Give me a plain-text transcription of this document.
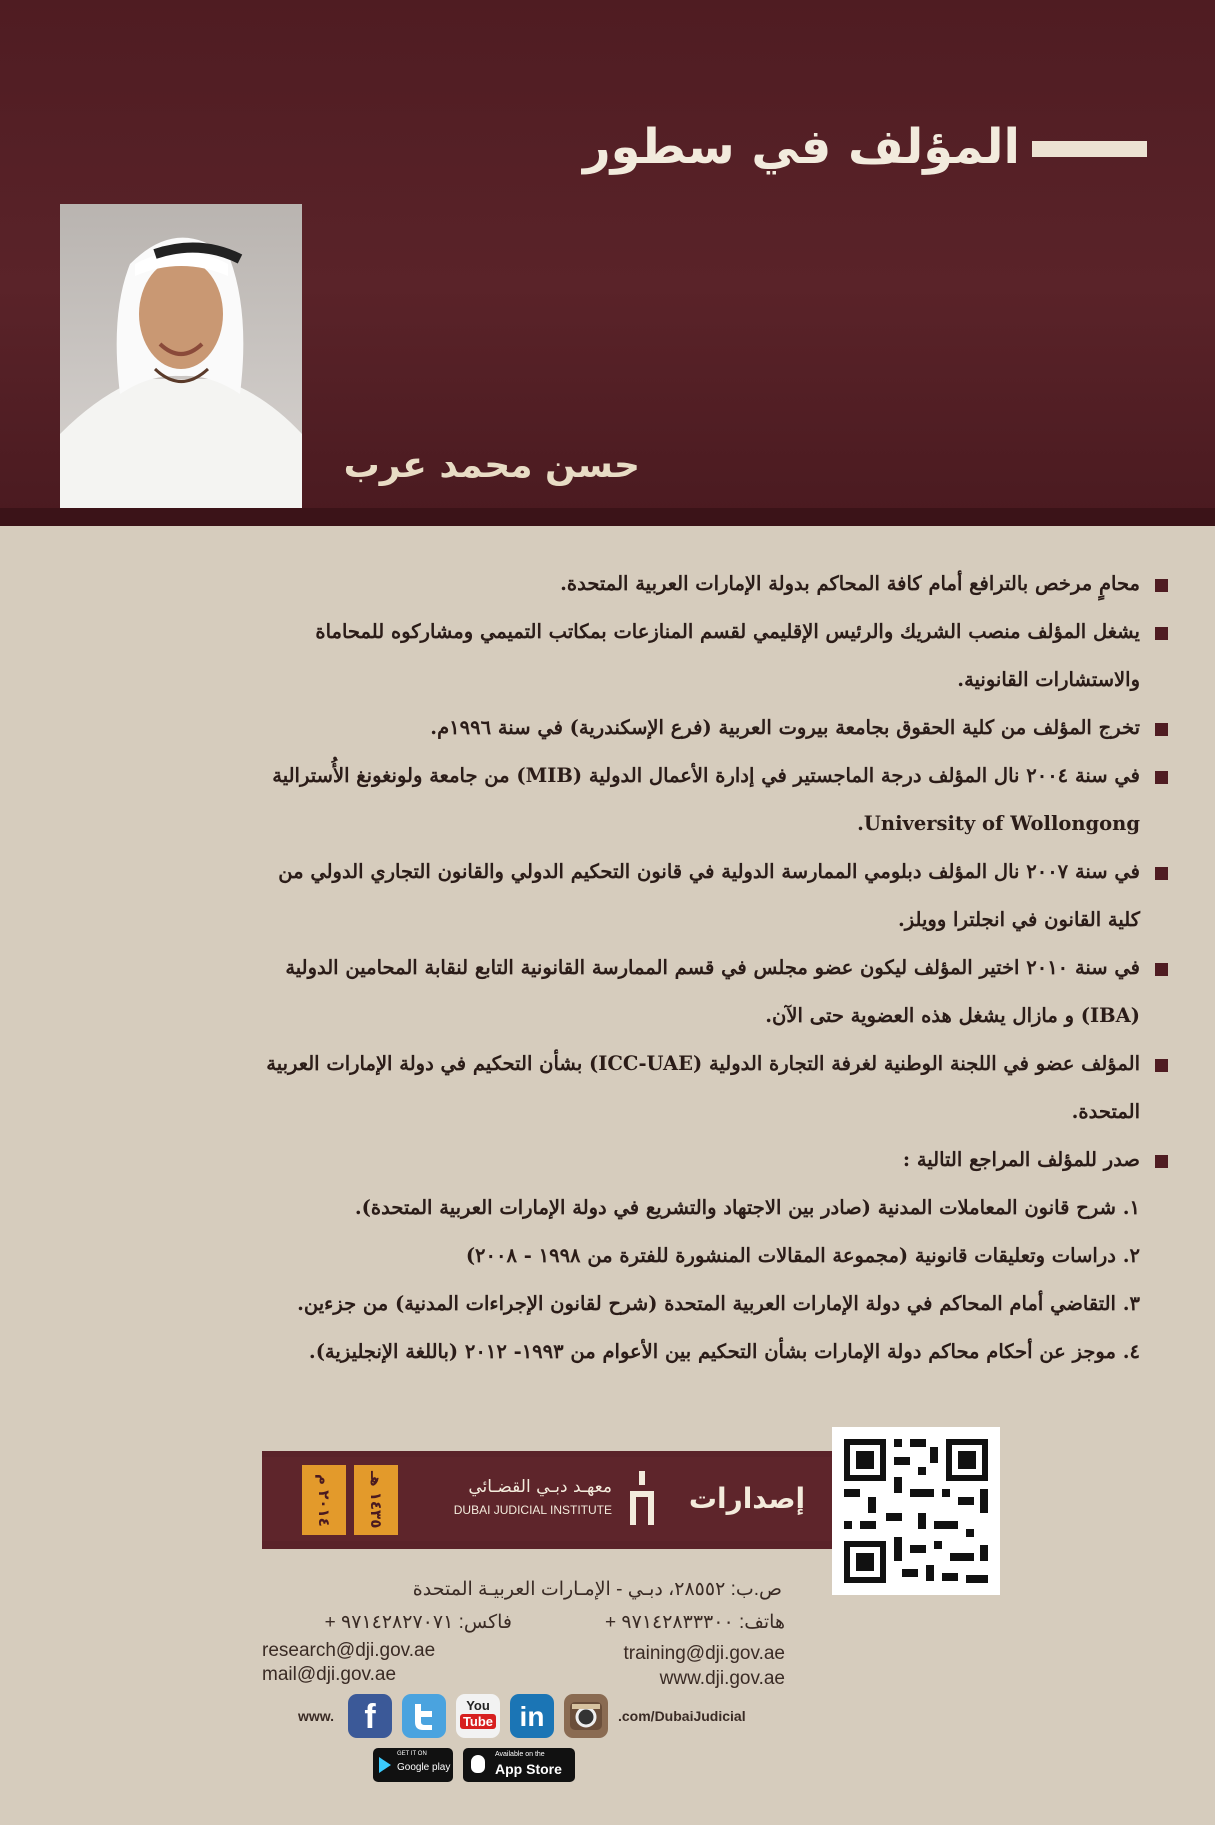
المؤلف في سطور
حسن محمد عرب
محامٍ مرخص بالترافع أمام كافة المحاكم بدولة الإمارات العربية المتحدة.
يشغل المؤلف منصب الشريك والرئيس الإقليمي لقسم المنازعات بمكاتب التميمي ومشاركوه للمحاماة والاستشارات القانونية.
تخرج المؤلف من كلية الحقوق بجامعة بيروت العربية (فرع الإسكندرية) في سنة ١٩٩٦م.
في سنة ٢٠٠٤ نال المؤلف درجة الماجستير في إدارة الأعمال الدولية (MIB) من جامعة ولونغونغ الأُسترالية University of Wollongong.
في سنة ٢٠٠٧ نال المؤلف دبلومي الممارسة الدولية في قانون التحكيم الدولي والقانون التجاري الدولي من كلية القانون في انجلترا وويلز.
في سنة ٢٠١٠ اختير المؤلف ليكون عضو مجلس في قسم الممارسة القانونية التابع لنقابة المحامين الدولية (IBA) و مازال يشغل هذه العضوية حتى الآن.
المؤلف عضو في اللجنة الوطنية لغرفة التجارة الدولية (ICC-UAE) بشأن التحكيم في دولة الإمارات العربية المتحدة.
صدر للمؤلف المراجع التالية :
١. شرح قانون المعاملات المدنية (صادر بين الاجتهاد والتشريع في دولة الإمارات العربية المتحدة).
٢. دراسات وتعليقات قانونية (مجموعة المقالات المنشورة للفترة من ١٩٩٨ - ٢٠٠٨)
٣. التقاضي أمام المحاكم في دولة الإمارات العربية المتحدة (شرح لقانون الإجراءات المدنية) من جزءين.
٤. موجز عن أحكام محاكم دولة الإمارات بشأن التحكيم بين الأعوام من ١٩٩٣- ٢٠١٢ (باللغة الإنجليزية).
٢٠١٤ م
١٤٣٥ هـ
معهـد دبـي القضـائي
DUBAI JUDICIAL INSTITUTE	إصدارات
ص.ب: ٢٨٥٥٢، دبـي - الإمـارات العربيـة المتحدة
هاتف: ٩٧١٤٢٨٣٣٣٠٠ +
فاكس: ٩٧١٤٢٨٢٧٠٧١ +
research@dji.gov.ae
mail@dji.gov.ae
training@dji.gov.ae
www.dji.gov.ae
www. f	You
Tube in	.com/DubaiJudicial
GET IT ON
Google play
Available on the
App Store
